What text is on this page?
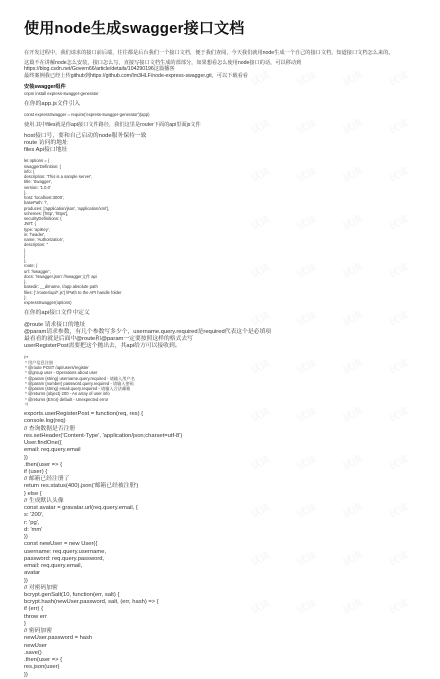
使用node生成swagger接口文档
在开发过程中，我们请求的接口前后端，往往都是后台我们一个接口文档，便于我们查阅，今天我们就用node生成一个自己的接口文档，知道接口文档怎么来的。
这篇不在讲解node怎么安装，接口怎么写，直接写接口文档生成的部部分，如果想看怎么使用node接口的话，可以移动到https://blog.csdn.net/Govern66/article/details/104290196这篇播客
最终案例我已经上传github到https://github.com/Im3HLF/node-express-swagger.git，可以下载看看
安装swagger组件
cnpm install express-swagger-generator
在你的app.js文件引入
const expressSwagger = require('express-swagger-generator')(app)
使用.其中files就是你api接口文件路径，我们这里是router下面的api里面js文件
host接口号，要和自己启动的node服务保持一致
route 访问的地址
files Api接口地址
let options = {
swaggerDefinition: {
info: {
description: 'This is a sample server',
title: 'Swagger',
version: '1.0.0'
},
host: 'localhost:3000',
basePath: '/',
produces: ['application/json', 'application/xml'],
schemes: ['http', 'https'],
securityDefinitions: {
JWT: {
type: 'apiKey',
in: 'header',
name: 'Authorization',
description: ''
}
}
},
route: {
url: '/swagger',
docs: '/swagger.json' //swagger文件 api
},
basedir: __dirname, //app absolute path
files: ['./router/api/*.js'] //Path to the API handle folder
};
expressSwagger(options)
在你的api接口文件中定义
@route 请求接口的地址
@param请求参数，有几个参数写多少个，username.query.required是required代表这个是必填项
最看看的就是后面中@route和@param一定要按照这样的格式去写
userRegisterPost需要把这个抛出去，其api给方可以接收到。
/**
* 用户信息注册
* @route POST /api/users/register
* @group user - Operations about user
* @param {string} username.query.required - 请输入用户名
* @param {number} password.query.required - 请输入密码
* @param {string} email.query.required - 请输入合法邮箱
* @returns {object} 200 - An array of user info
* @returns {Error} default - Unexpected error
*/
exports.userRegisterPost = function(req, res) {
console.log(req)
// 查询数据是否注册
res.setHeader('Content-Type', 'application/json;charset=utf-8')
User.findOne({
email: req.query.email
})
.then(user => {
if (user) {
// 邮箱已经注册了
return res.status(400).json('邮箱已经被注册')
} else {
// 生成默认头像
const avatar = gravatar.url(req.query.email, {
s: '200',
r: 'pg',
d: 'mm'
})
const newUser = new User({
username: req.query.username,
password: req.query.password,
email: req.query.email,
avatar
})
// 对密码加密
bcrypt.genSalt(10, function(err, salt) {
bcrypt.hash(newUser.password, salt, (err, hash) => {
if (err) {
throw err
}
// 密码加密
newUser.password = hash
newUser
.save()
.then(user => {
res.json(user)
})
试读 试读 试读 试读
试读 试读 试读 试读
试读 试读 试读 试读
试读 试读 试读 试读
试读 试读 试读 试读
试读 试读 试读 试读
试读 试读 试读 试读
试读 试读 试读 试读
试读 试读 试读 试读
试读 试读 试读 试读
试读 试读 试读 试读
试读 试读 试读 试读
